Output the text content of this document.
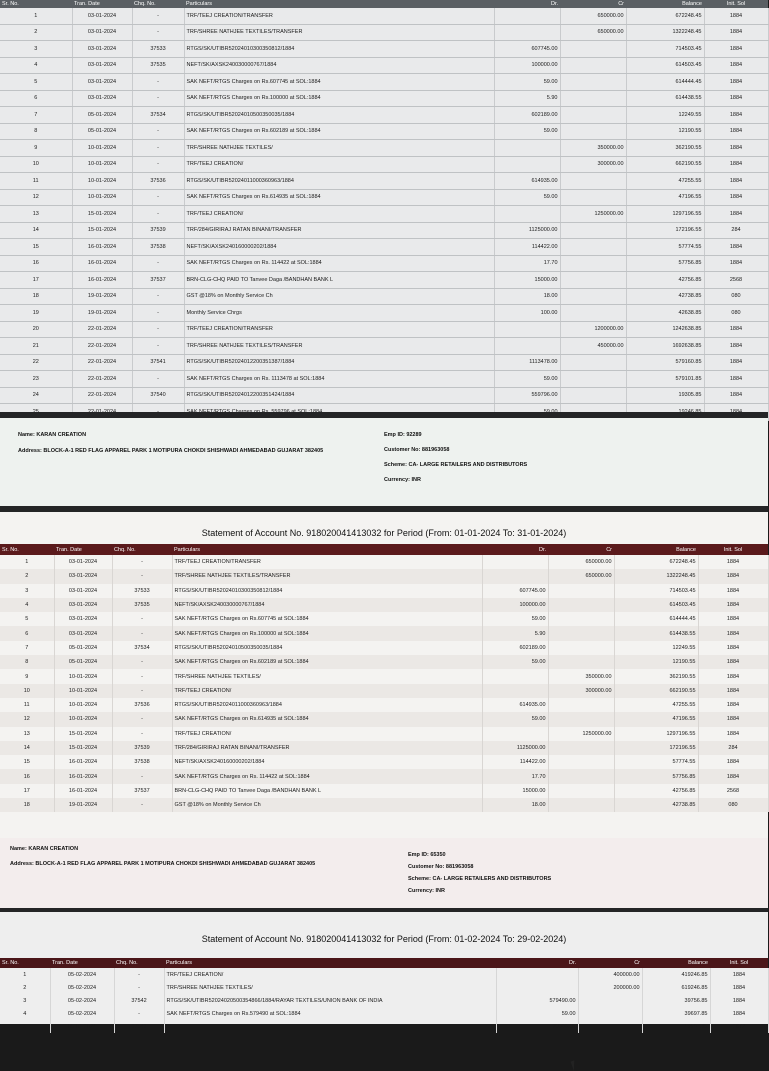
Sr. No.	Tran. Date	Chq. No.	Particulars	Dr.	Cr	Balance	Init. Sol
1	03-01-2024	-	TRF/TEEJ CREATION/TRANSFER		650000.00	672248.45	1884
2	03-01-2024	-	TRF/SHREE NATHJEE TEXTILES/TRANSFER		650000.00	1322248.45	1884
3	03-01-2024	37533	RTGS/SK/UTIBR52024010300350812/1884	607745.00		714503.45	1884
4	03-01-2024	37535	NEFT/SK/AXSK240030000767/1884	100000.00		614503.45	1884
5	03-01-2024	-	SAK NEFT/RTGS Charges on Rs.607745 at SOL:1884	59.00		614444.45	1884
6	03-01-2024	-	SAK NEFT/RTGS Charges on Rs.100000 at SOL:1884	5.90		614438.55	1884
7	05-01-2024	37534	RTGS/SK/UTIBR52024010500350035/1884	602189.00		12249.55	1884
8	05-01-2024	-	SAK NEFT/RTGS Charges on Rs.602189 at SOL:1884	59.00		12190.55	1884
9	10-01-2024	-	TRF/SHREE NATHJEE TEXTILES/		350000.00	362190.55	1884
10	10-01-2024	-	TRF/TEEJ CREATION/		300000.00	662190.55	1884
11	10-01-2024	37536	RTGS/SK/UTIBR52024011000360963/1884	614935.00		47255.55	1884
12	10-01-2024	-	SAK NEFT/RTGS Charges on Rs.614935 at SOL:1884	59.00		47196.55	1884
13	15-01-2024	-	TRF/TEEJ CREATION/		1250000.00	1297196.55	1884
14	15-01-2024	37539	TRF/284/GIRIRAJ RATAN BINANI/TRANSFER	1125000.00		172196.55	284
15	16-01-2024	37538	NEFT/SK/AXSK240160000202/1884	114422.00		57774.55	1884
16	16-01-2024	-	SAK NEFT/RTGS Charges on Rs. 114422 at SOL:1884	17.70		57756.85	1884
17	16-01-2024	37537	BRN-CLG-CHQ PAID TO Tanvee Daga /BANDHAN BANK L	15000.00		42756.85	2568
18	19-01-2024	-	GST @18% on Monthly Service Ch	18.00		42738.85	080
19	19-01-2024	-	Monthly Service Chrgs	100.00		42638.85	080
20	22-01-2024	-	TRF/TEEJ CREATION/TRANSFER		1200000.00	1242638.85	1884
21	22-01-2024	-	TRF/SHREE NATHJEE TEXTILES/TRANSFER		450000.00	1692638.85	1884
22	22-01-2024	37541	RTGS/SK/UTIBR52024012200351387/1884	1113478.00		579160.85	1884
23	22-01-2024	-	SAK NEFT/RTGS Charges on Rs. 1113478 at SOL:1884	59.00		579101.85	1884
24	22-01-2024	37540	RTGS/SK/UTIBR52024012200351424/1884	559796.00		19305.85	1884

Name: KARAN CREATION
Address: BLOCK-A-1 RED FLAG APPAREL PARK 1 MOTIPURA CHOKDI SHISHWADI AHMEDABAD GUJARAT 382405
Emp ID: 92289
Customer No: 881963058
Scheme: CA- LARGE RETAILERS AND DISTRIBUTORS
Currency: INR
Statement of Account No. 918020041413032 for Period (From: 01-01-2024 To: 31-01-2024)
Sr. No.	Tran. Date	Chq. No.	Particulars	Dr.	Cr	Balance	Init. Sol
1	03-01-2024	-	TRF/TEEJ CREATION/TRANSFER		650000.00	672248.45	1884
2	03-01-2024	-	TRF/SHREE NATHJEE TEXTILES/TRANSFER		650000.00	1322248.45	1884
3	03-01-2024	37533	RTGS/SK/UTIBR52024010300350812/1884	607745.00		714503.45	1884
4	03-01-2024	37535	NEFT/SK/AXSK240030000767/1884	100000.00		614503.45	1884
5	03-01-2024	-	SAK NEFT/RTGS Charges on Rs.607745 at SOL:1884	59.00		614444.45	1884
6	03-01-2024	-	SAK NEFT/RTGS Charges on Rs.100000 at SOL:1884	5.90		614438.55	1884
7	05-01-2024	37534	RTGS/SK/UTIBR52024010500350035/1884	602189.00		12249.55	1884
8	05-01-2024	-	SAK NEFT/RTGS Charges on Rs.602189 at SOL:1884	59.00		12190.55	1884
9	10-01-2024	-	TRF/SHREE NATHJEE TEXTILES/		350000.00	362190.55	1884
10	10-01-2024	-	TRF/TEEJ CREATION/		300000.00	662190.55	1884
11	10-01-2024	37536	RTGS/SK/UTIBR52024011000360963/1884	614935.00		47255.55	1884
12	10-01-2024	-	SAK NEFT/RTGS Charges on Rs.614935 at SOL:1884	59.00		47196.55	1884
13	15-01-2024	-	TRF/TEEJ CREATION/		1250000.00	1297196.55	1884
14	15-01-2024	37539	TRF/284/GIRIRAJ RATAN BINANI/TRANSFER	1125000.00		172196.55	284
15	16-01-2024	37538	NEFT/SK/AXSK240160000202/1884	114422.00		57774.55	1884
16	16-01-2024	-	SAK NEFT/RTGS Charges on Rs. 114422 at SOL:1884	17.70		57756.85	1884
17	16-01-2024	37537	BRN-CLG-CHQ PAID TO Tanvee Daga /BANDHAN BANK L	15000.00		42756.85	2568
18	19-01-2024	-	GST @18% on Monthly Service Ch	18.00		42738.85	080
Name: KARAN CREATION
Address: BLOCK-A-1 RED FLAG APPAREL PARK 1 MOTIPURA CHOKDI SHISHWADI AHMEDABAD GUJARAT 382405
Emp ID: 65350
Customer No: 881963058
Scheme: CA- LARGE RETAILERS AND DISTRIBUTORS
Currency: INR
Statement of Account No. 918020041413032 for Period (From: 01-02-2024 To: 29-02-2024)
Sr. No.	Tran. Date	Chq. No.	Particulars	Dr.	Cr	Balance	Init. Sol
1	05-02-2024	-	TRF/TEEJ CREATION/		400000.00	419246.85	1884
2	05-02-2024	-	TRF/SHREE NATHJEE TEXTILES/		200000.00	619246.85	1884
3	05-02-2024	37542	RTGS/SK/UTIBR52024020500354866/1884/RAYAR TEXTILES/UNION BANK OF INDIA	579490.00		39756.85	1884
4	05-02-2024	-	SAK NEFT/RTGS Charges on Rs.579490 at SOL:1884	59.00		39697.85	1884
5	05-02-2024	37543		20000.00		19697.85	2872
